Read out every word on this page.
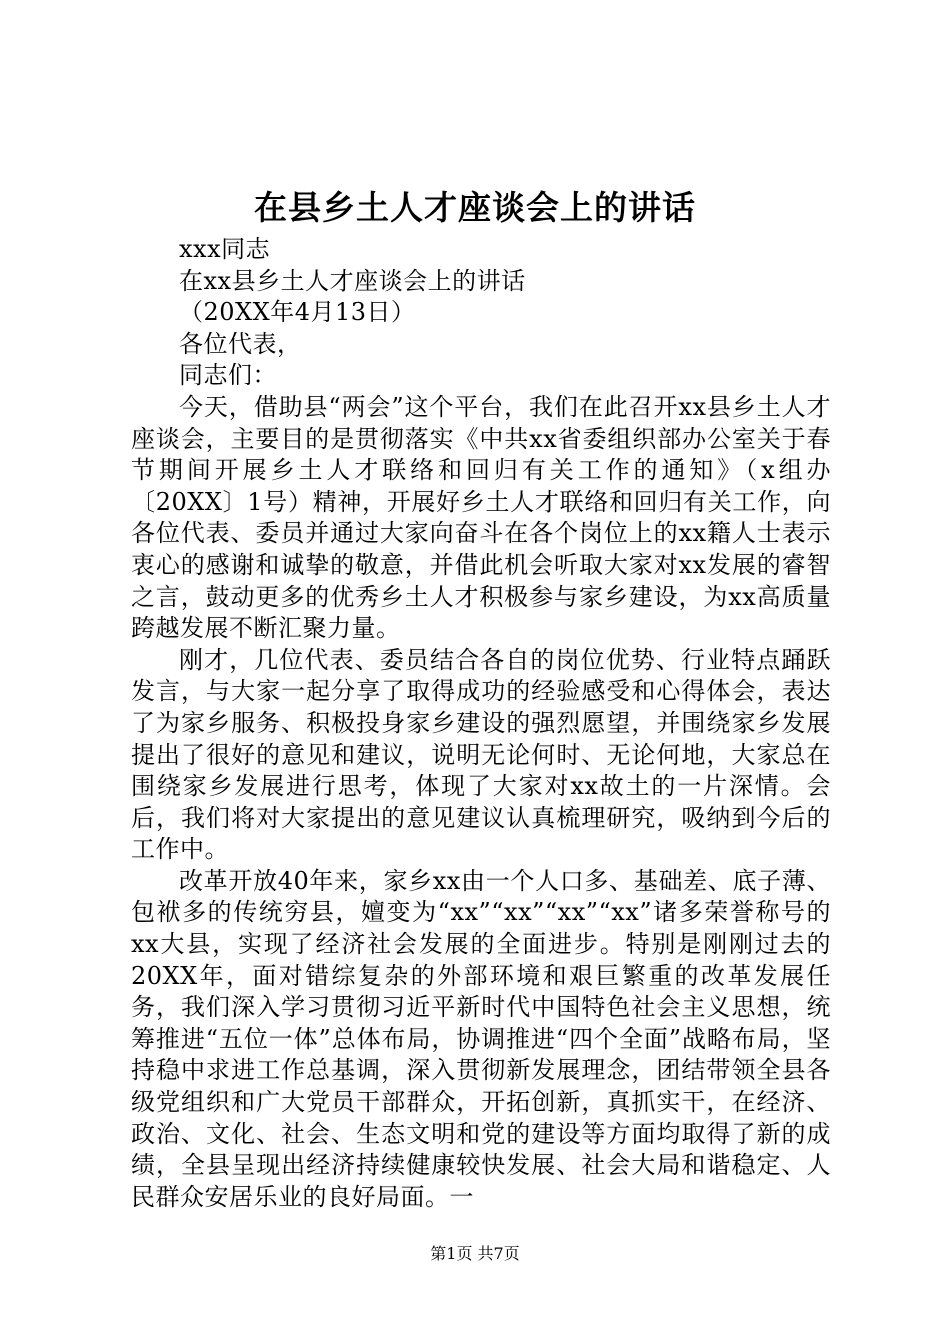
在县乡土人才座谈会上的讲话

xxx同志

在xx县乡土人才座谈会上的讲话

（20XX年4月13日）

各位代表，

同志们：

今天，借助县“两会”这个平台，我们在此召开xx县乡土人才座谈会，主要目的是贯彻落实《中共xx省委组织部办公室关于春节期间开展乡土人才联络和回归有关工作的通知》（x组办〔20XX〕1号）精神，开展好乡土人才联络和回归有关工作，向各位代表、委员并通过大家向奋斗在各个岗位上的xx籍人士表示衷心的感谢和诚挚的敬意，并借此机会听取大家对xx发展的睿智之言，鼓动更多的优秀乡土人才积极参与家乡建设，为xx高质量跨越发展不断汇聚力量。

刚才，几位代表、委员结合各自的岗位优势、行业特点踊跃发言，与大家一起分享了取得成功的经验感受和心得体会，表达了为家乡服务、积极投身家乡建设的强烈愿望，并围绕家乡发展提出了很好的意见和建议，说明无论何时、无论何地，大家总在围绕家乡发展进行思考，体现了大家对xx故土的一片深情。会后，我们将对大家提出的意见建议认真梳理研究，吸纳到今后的工作中。

改革开放40年来，家乡xx由一个人口多、基础差、底子薄、包袱多的传统穷县，嬗变为“xx”“xx”“xx”“xx”诸多荣誉称号的xx大县，实现了经济社会发展的全面进步。特别是刚刚过去的20XX年，面对错综复杂的外部环境和艰巨繁重的改革发展任务，我们深入学习贯彻习近平新时代中国特色社会主义思想，统筹推进“五位一体”总体布局，协调推进“四个全面”战略布局，坚持稳中求进工作总基调，深入贯彻新发展理念，团结带领全县各级党组织和广大党员干部群众，开拓创新，真抓实干，在经济、政治、文化、社会、生态文明和党的建设等方面均取得了新的成绩，全县呈现出经济持续健康较快发展、社会大局和谐稳定、人民群众安居乐业的良好局面。一

第1页 共7页
